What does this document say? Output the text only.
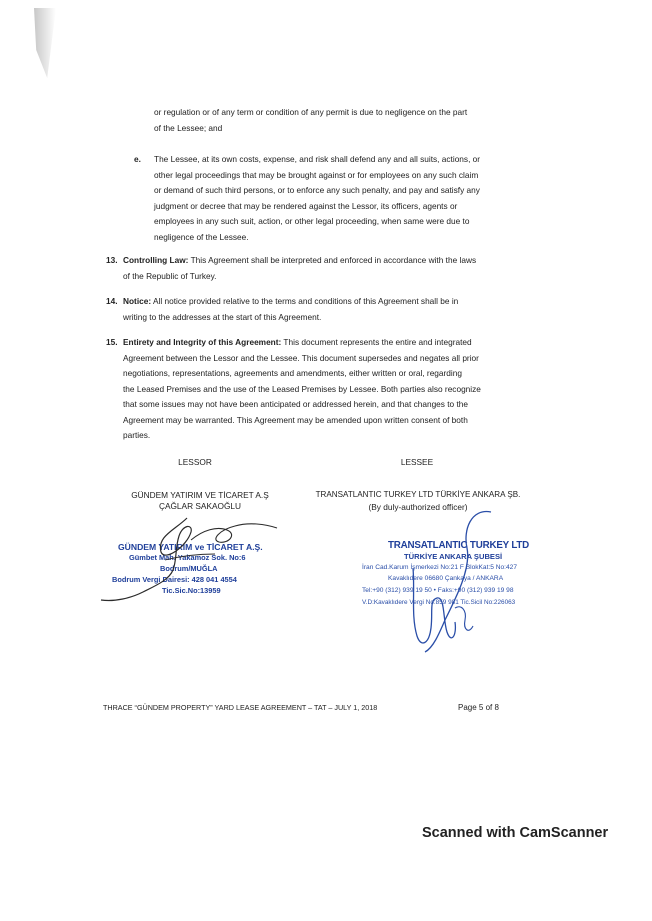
or regulation or of any term or condition of any permit is due to negligence on the part
of the Lessee; and
e. The Lessee, at its own costs, expense, and risk shall defend any and all suits, actions, or
other legal proceedings that may be brought against or for employees on any such claim
or demand of such third persons, or to enforce any such penalty, and pay and satisfy any
judgment or decree that may be rendered against the Lessor, its officers, agents or
employees in any such suit, action, or other legal proceeding, when same were due to
negligence of the Lessee.
13. Controlling Law: This Agreement shall be interpreted and enforced in accordance with the laws
of the Republic of Turkey.
14. Notice: All notice provided relative to the terms and conditions of this Agreement shall be in
writing to the addresses at the start of this Agreement.
15. Entirety and Integrity of this Agreement: This document represents the entire and integrated
Agreement between the Lessor and the Lessee. This document supersedes and negates all prior
negotiations, representations, agreements and amendments, either written or oral, regarding
the Leased Premises and the use of the Leased Premises by Lessee. Both parties also recognize
that some issues may not have been anticipated or addressed herein, and that changes to the
Agreement may be warranted. This Agreement may be amended upon written consent of both
parties.
LESSOR	LESSEE
GÜNDEM YATIRIM VE TİCARET A.Ş
ÇAĞLAR SAKAOĞLU
GÜNDEM YATIRIM ve TİCARET A.Ş.
Gümbet Mah. Yakamoz Sok. No:6
Bodrum/MUĞLA
Bodrum Vergi Dairesi: 428 041 4554
Tic.Sic.No:13959
TRANSATLANTIC TURKEY LTD TÜRKİYE ANKARA ŞB.
(By duly-authorized officer)
TRANSATLANTIC TURKEY LTD
TÜRKİYE ANKARA ŞUBESİ
İran Cad.Karum İşmerkezi No:21 F BlokKat:5 No:427
Kavaklıdere 06680 Çankaya / ANKARA
Tel:+90 (312) 939 19 50 • Faks:+90 (312) 939 19 98
V.D:Kavaklıdere Vergi No:859 981 Tic.Sicil No:226063
THRACE “GÜNDEM PROPERTY” YARD LEASE AGREEMENT – TAT – JULY 1, 2018	Page 5 of 8
Scanned with CamScanner
